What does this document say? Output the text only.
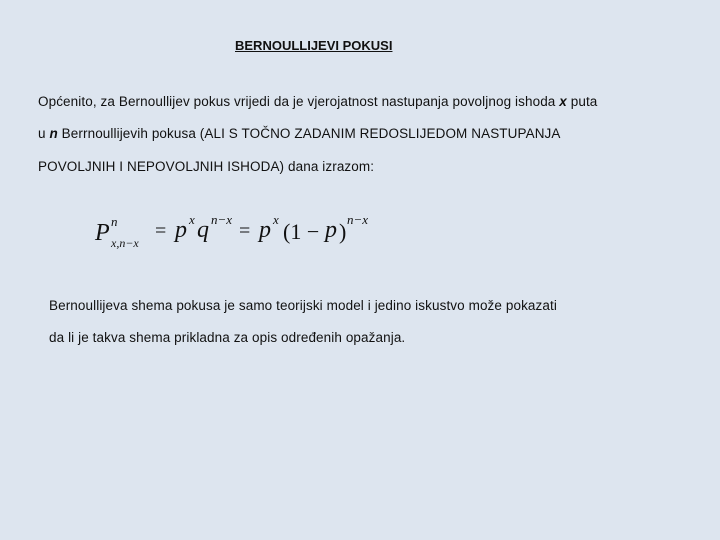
BERNOULLIJEVI POKUSI
Općenito, za Bernoullijev pokus vrijedi da je vjerojatnost nastupanja povoljnog ishoda x puta
u n Berrnoullijevih pokusa (ALI S TOČNO ZADANIM REDOSLIJEDOM NASTUPANJA
POVOLJNIH I NEPOVOLJNIH ISHODA) dana izrazom:
P n
x,n−x
= p x q n−x
= p x (1 − p ) n−x
Bernoullijeva shema pokusa je samo teorijski model i jedino iskustvo može pokazati
da li je takva shema prikladna za opis određenih opažanja.
